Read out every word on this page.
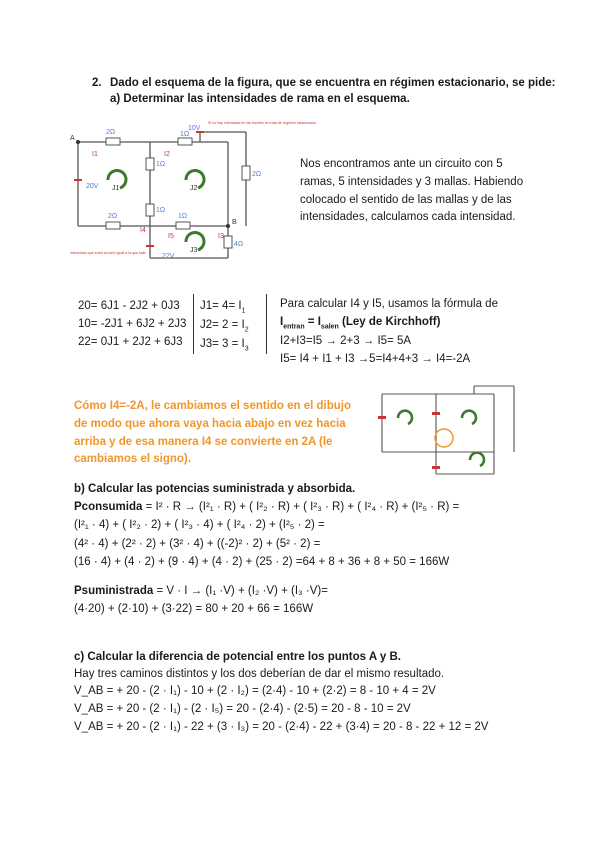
2. Dado el esquema de la figura, que se encuentra en régimen estacionario, se pide:
a) Determinar las intensidades de rama en el esquema.
A
B
2Ω
1Ω
10V
1Ω
2Ω
20V
1Ω
2Ω	1Ω
22V
4Ω
J1	J2
J3
I1	I2
I3
I4
I5
Si no hay intensidad en las fuentes se trata de régimen estacionario
Intensidad que entra al nodo igual a la que sale
Nos encontramos ante un circuito con 5 ramas, 5 intensidades y 3 mallas. Habiendo colocado el sentido de las mallas y de las intensidades, calculamos cada intensidad.
20= 6J1 - 2J2 + 0J3
10= -2J1 + 6J2 + 2J3
22= 0J1 + 2J2 + 6J3
$J1= 4= I_1$
$J2= 2 = I_2$
$J3= 3 = I_3$
Para calcular I4 y I5, usamos la fórmula de
$I_{entran} = I_{salen}$ (Ley de Kirchhoff)
I2+I3=I5 → 2+3 → I5= 5A
I5= I4 + I1 + I3 →5=I4+4+3 → I4=-2A
Cómo I4=-2A, le cambiamos el sentido en el dibujo de modo que ahora vaya hacia abajo en vez hacia arriba y de esa manera I4 se convierte en 2A (le cambiamos el signo).
b) Calcular las potencias suministrada y absorbida.
Pconsumida = I² · R → (I²₁ · R) + ( I²₂ · R) + ( I²₃ · R) + ( I²₄ · R) + (I²₅ · R) =
(I²₁ · 4) + ( I²₂ · 2) + ( I²₃ · 4) + ( I²₄ · 2) + (I²₅ · 2) =
(4² · 4) + (2² · 2) + (3² · 4) + ((-2)² · 2) + (5² · 2) =
(16 · 4) + (4 · 2) + (9 · 4) + (4 · 2) + (25 · 2) =64 + 8 + 36 + 8 + 50 = 166W
Psuministrada = V · I → (I₁ ·V) + (I₂ ·V) + (I₃ ·V)=
(4·20) + (2·10) + (3·22) = 80 + 20 + 66 = 166W
c) Calcular la diferencia de potencial entre los puntos A y B.
Hay tres caminos distintos y los dos deberían de dar el mismo resultado.
V_AB = + 20 - (2 · I₁) - 10 + (2 · I₂) = (2·4) - 10 + (2·2) = 8 - 10 + 4 = 2V
V_AB = + 20 - (2 · I₁) - (2 · I₅) = 20 - (2·4) - (2·5) = 20 - 8 - 10 = 2V
V_AB = + 20 - (2 · I₁) - 22 + (3 · I₃) = 20 - (2·4) - 22 + (3·4) = 20 - 8 - 22 + 12 = 2V
